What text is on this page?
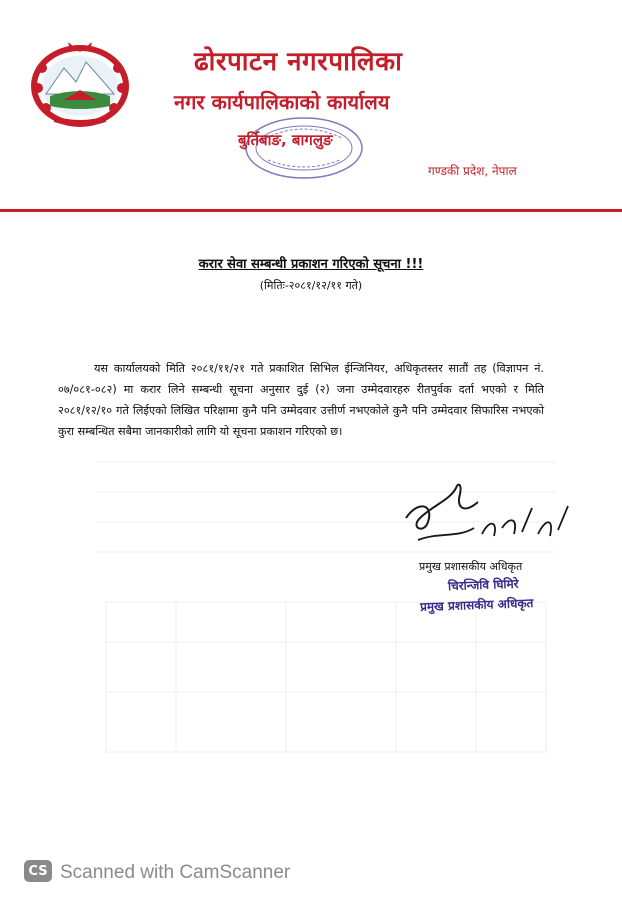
ढोरपाटन नगरपालिका
नगर कार्यपालिकाको कार्यालय
बुर्तिबाङ, बागलुङ
गण्डकी प्रदेश, नेपाल
करार सेवा सम्बन्धी प्रकाशन गरिएको सूचना !!!
(मितिः-२०८१/१२/११ गते)
यस कार्यालयको मिति २०८१/११/२१ गते प्रकाशित सिभिल ईन्जिनियर, अधिकृतस्तर सातौं तह (विज्ञापन नं. ०७/०८१-०८२) मा करार लिने सम्बन्धी सूचना अनुसार दुई (२) जना उम्मेदवारहरु रीतपुर्वक दर्ता भएको र मिति २०८१/१२/१० गते लिईएको लिखित परिक्षामा कुनै पनि उम्मेदवार उत्तीर्ण नभएकोले कुनै पनि उम्मेदवार सिफारिस नभएको कुरा सम्बन्धित सबैमा जानकारीको लागि यो सूचना प्रकाशन गरिएको छ।
प्रमुख प्रशासकीय अधिकृत
चिरन्जिवि घिमिरे
प्रमुख प्रशासकीय अधिकृत
CS Scanned with CamScanner
